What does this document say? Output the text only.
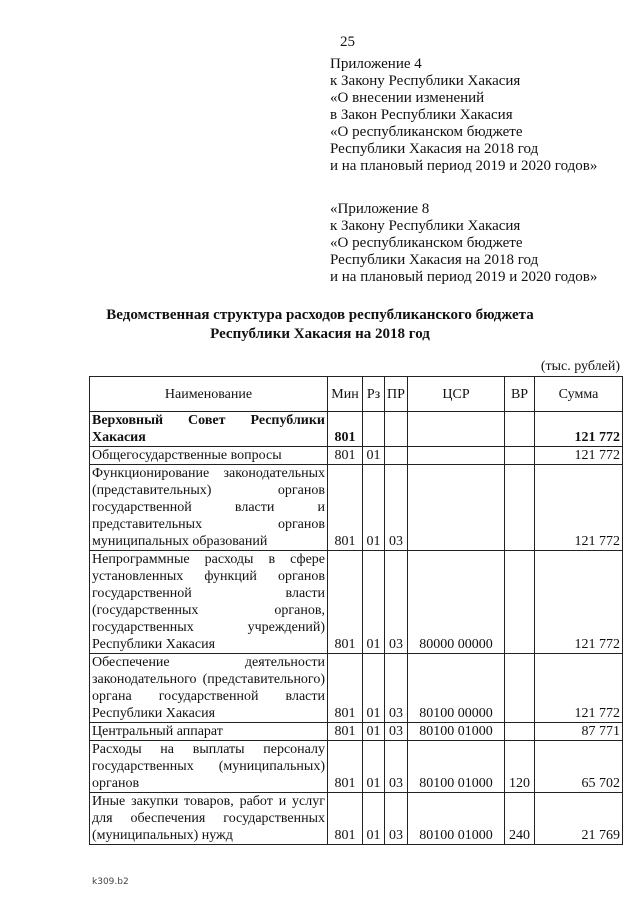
25
Приложение 4
к Закону Республики Хакасия
«О внесении изменений
в Закон Республики Хакасия
«О республиканском бюджете
Республики Хакасия на 2018 год
и на плановый период 2019 и 2020 годов»
«Приложение 8
к Закону Республики Хакасия
«О республиканском бюджете
Республики Хакасия на 2018 год
и на плановый период 2019 и 2020 годов»
Ведомственная структура расходов республиканского бюджета
Республики Хакасия на 2018 год
(тыс. рублей)
Наименование	Мин	Рз	ПР	ЦСР	ВР	Сумма
Верховный Совет Республики Хакасия	801					121 772
Общегосударственные вопросы	801	01				121 772
Функционирование законодательных (представительных) органов государственной власти и представительных органов муниципальных образований	801	01	03			121 772
Непрограммные расходы в сфере установленных функций органов государственной власти (государственных органов, государственных учреждений) Республики Хакасия	801	01	03	80000 00000		121 772
Обеспечение деятельности законодательного (представительного) органа государственной власти Республики Хакасия	801	01	03	80100 00000		121 772
Центральный аппарат	801	01	03	80100 01000		87 771
Расходы на выплаты персоналу государственных (муниципальных) органов	801	01	03	80100 01000	120	65 702
Иные закупки товаров, работ и услуг для обеспечения государственных (муниципальных) нужд	801	01	03	80100 01000	240	21 769
k309.b2
